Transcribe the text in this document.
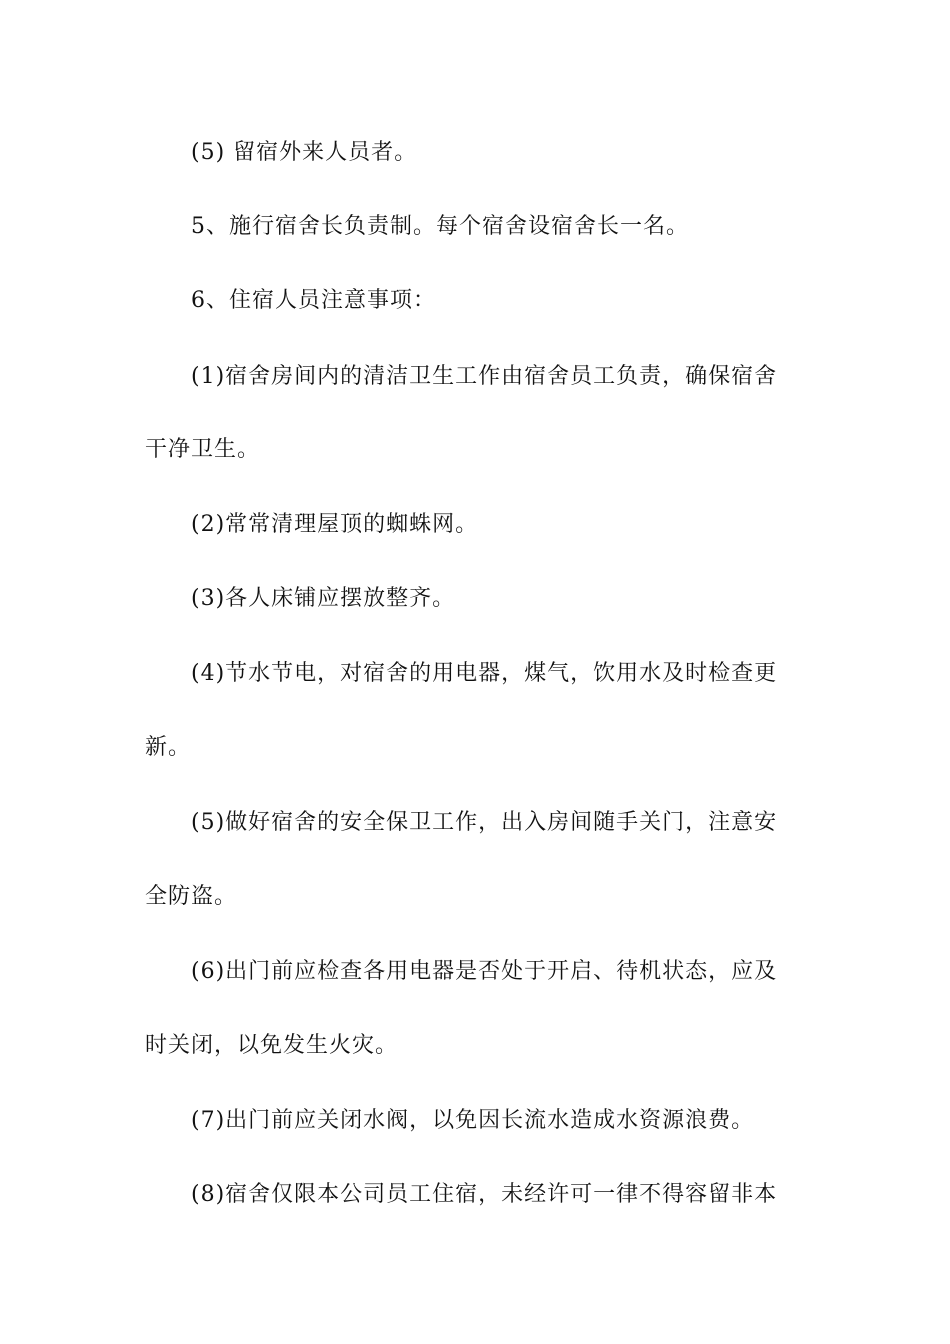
(5) 留宿外来人员者。
5、施行宿舍长负责制。每个宿舍设宿舍长一名。
6、住宿人员注意事项：
(1)宿舍房间内的清洁卫生工作由宿舍员工负责，确保宿舍
干净卫生。
(2)常常清理屋顶的蜘蛛网。
(3)各人床铺应摆放整齐。
(4)节水节电，对宿舍的用电器，煤气，饮用水及时检查更
新。
(5)做好宿舍的安全保卫工作，出入房间随手关门，注意安
全防盗。
(6)出门前应检查各用电器是否处于开启、待机状态，应及
时关闭，以免发生火灾。
(7)出门前应关闭水阀，以免因长流水造成水资源浪费。
(8)宿舍仅限本公司员工住宿，未经许可一律不得容留非本
